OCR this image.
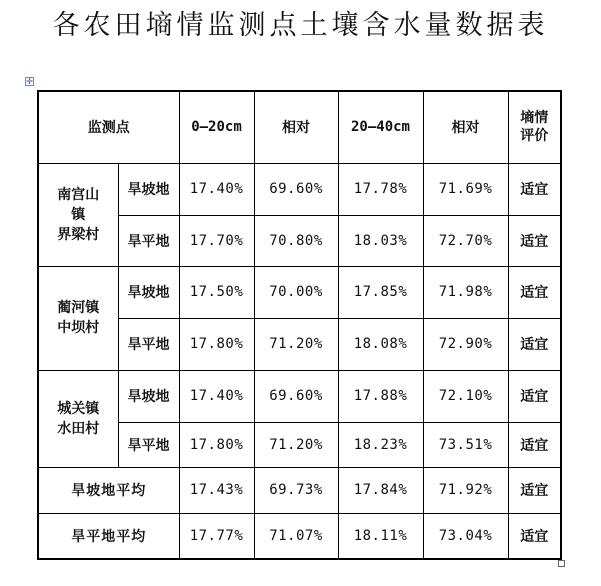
各农田墒情监测点土壤含水量数据表
✛
监测点		0—20cm	相对	20—40cm	相对	墒情
评价

南宫山
镇
界梁村	旱坡地	17.40%	69.60%	17.78%	71.69%	适宜
	旱平地	17.70%	70.80%	18.03%	72.70%	适宜

蔺河镇
中坝村	旱坡地	17.50%	70.00%	17.85%	71.98%	适宜
	旱平地	17.80%	71.20%	18.08%	72.90%	适宜

城关镇
水田村	旱坡地	17.40%	69.60%	17.88%	72.10%	适宜
	旱平地	17.80%	71.20%	18.23%	73.51%	适宜
旱坡地平均		17.43%	69.73%	17.84%	71.92%	适宜
旱平地平均		17.77%	71.07%	18.11%	73.04%	适宜
